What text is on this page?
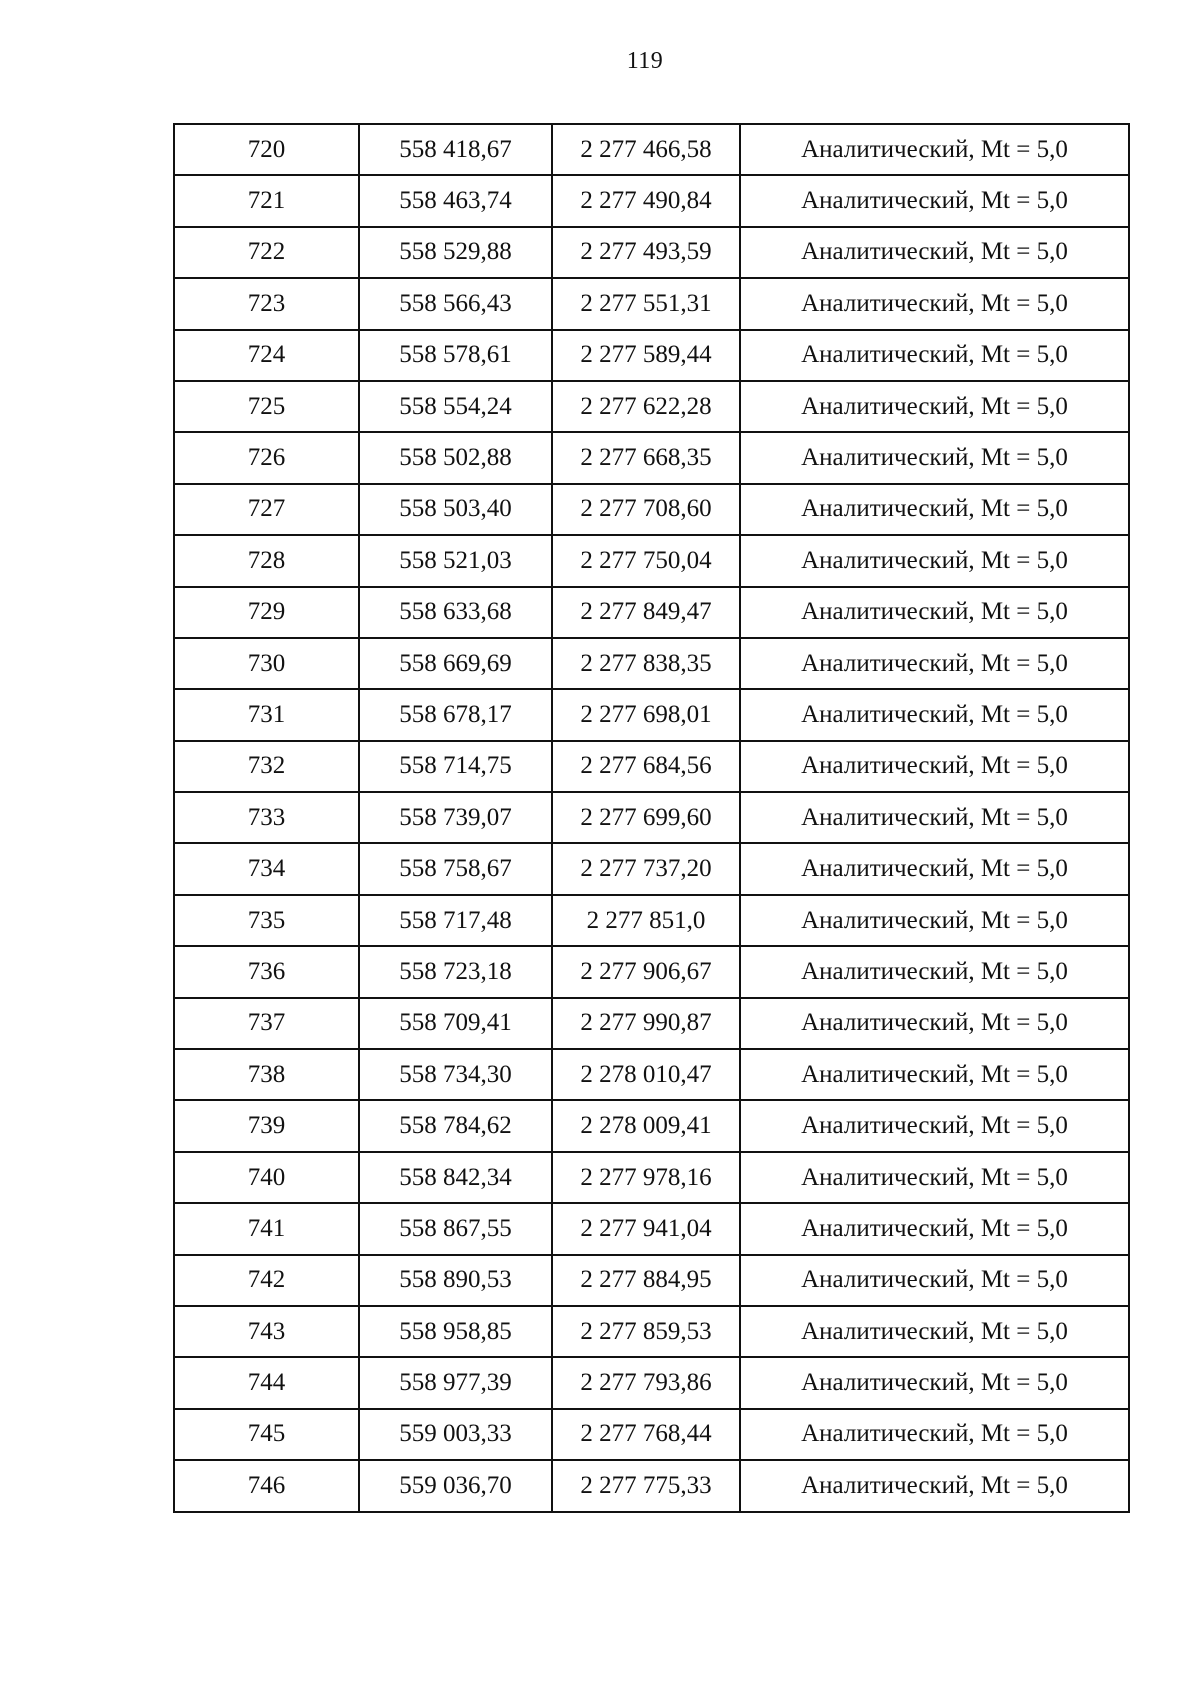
119
720	558 418,67	2 277 466,58	Аналитический, Mt = 5,0
721	558 463,74	2 277 490,84	Аналитический, Mt = 5,0
722	558 529,88	2 277 493,59	Аналитический, Mt = 5,0
723	558 566,43	2 277 551,31	Аналитический, Mt = 5,0
724	558 578,61	2 277 589,44	Аналитический, Mt = 5,0
725	558 554,24	2 277 622,28	Аналитический, Mt = 5,0
726	558 502,88	2 277 668,35	Аналитический, Mt = 5,0
727	558 503,40	2 277 708,60	Аналитический, Mt = 5,0
728	558 521,03	2 277 750,04	Аналитический, Mt = 5,0
729	558 633,68	2 277 849,47	Аналитический, Mt = 5,0
730	558 669,69	2 277 838,35	Аналитический, Mt = 5,0
731	558 678,17	2 277 698,01	Аналитический, Mt = 5,0
732	558 714,75	2 277 684,56	Аналитический, Mt = 5,0
733	558 739,07	2 277 699,60	Аналитический, Mt = 5,0
734	558 758,67	2 277 737,20	Аналитический, Mt = 5,0
735	558 717,48	2 277 851,0	Аналитический, Mt = 5,0
736	558 723,18	2 277 906,67	Аналитический, Mt = 5,0
737	558 709,41	2 277 990,87	Аналитический, Mt = 5,0
738	558 734,30	2 278 010,47	Аналитический, Mt = 5,0
739	558 784,62	2 278 009,41	Аналитический, Mt = 5,0
740	558 842,34	2 277 978,16	Аналитический, Mt = 5,0
741	558 867,55	2 277 941,04	Аналитический, Mt = 5,0
742	558 890,53	2 277 884,95	Аналитический, Mt = 5,0
743	558 958,85	2 277 859,53	Аналитический, Mt = 5,0
744	558 977,39	2 277 793,86	Аналитический, Mt = 5,0
745	559 003,33	2 277 768,44	Аналитический, Mt = 5,0
746	559 036,70	2 277 775,33	Аналитический, Mt = 5,0
